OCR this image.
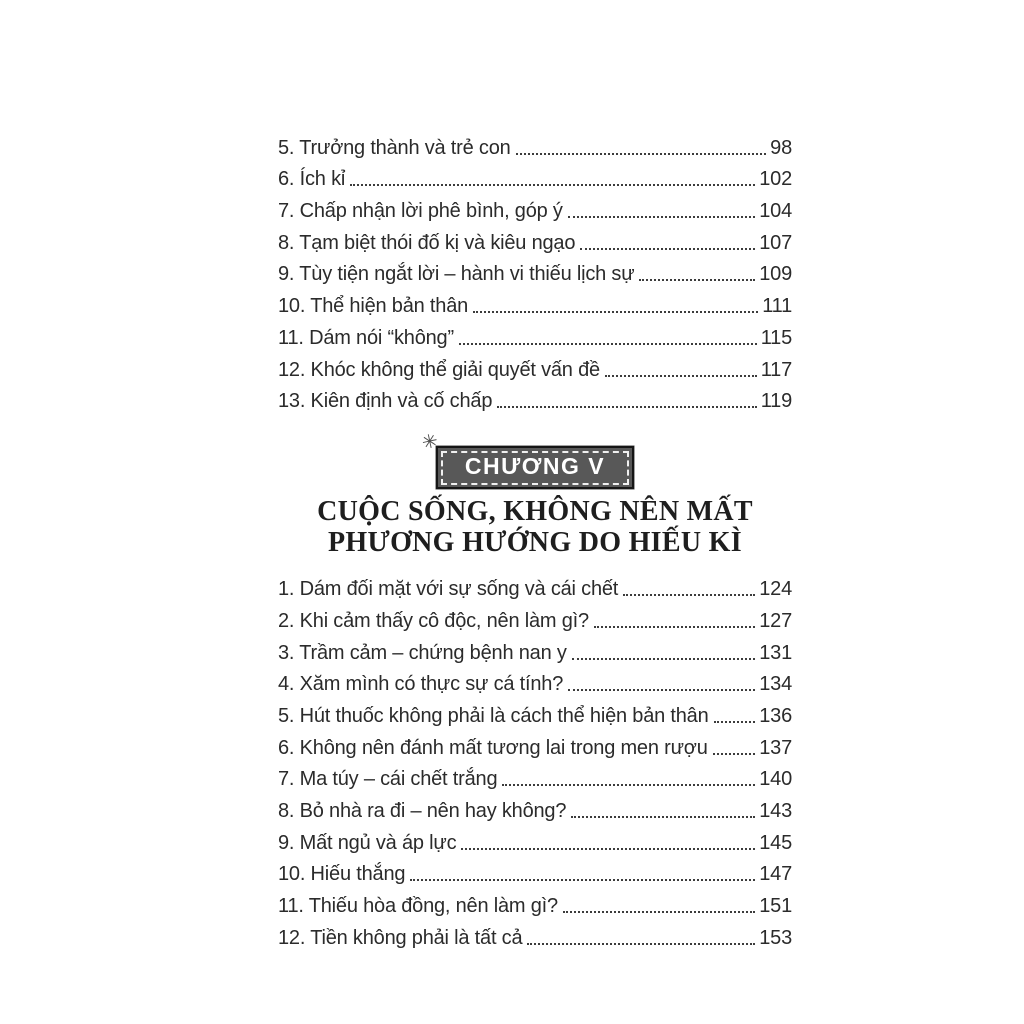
5. Trưởng thành và trẻ con	98
6. Ích kỉ	102
7. Chấp nhận lời phê bình, góp ý	104
8. Tạm biệt thói đố kị và kiêu ngạo	107
9. Tùy tiện ngắt lời – hành vi thiếu lịch sự	109
10. Thể hiện bản thân	111
11. Dám nói “không”	115
12. Khóc không thể giải quyết vấn đề	117
13. Kiên định và cố chấp	119
✳
CHƯƠNG V
CUỘC SỐNG, KHÔNG NÊN MẤT
PHƯƠNG HƯỚNG DO HIẾU KÌ
1. Dám đối mặt với sự sống và cái chết	124
2. Khi cảm thấy cô độc, nên làm gì?	127
3. Trầm cảm – chứng bệnh nan y	131
4. Xăm mình có thực sự cá tính?	134
5. Hút thuốc không phải là cách thể hiện bản thân	136
6. Không nên đánh mất tương lai trong men rượu	137
7. Ma túy – cái chết trắng	140
8. Bỏ nhà ra đi – nên hay không?	143
9. Mất ngủ và áp lực	145
10. Hiếu thắng	147
11. Thiếu hòa đồng, nên làm gì?	151
12. Tiền không phải là tất cả	153
